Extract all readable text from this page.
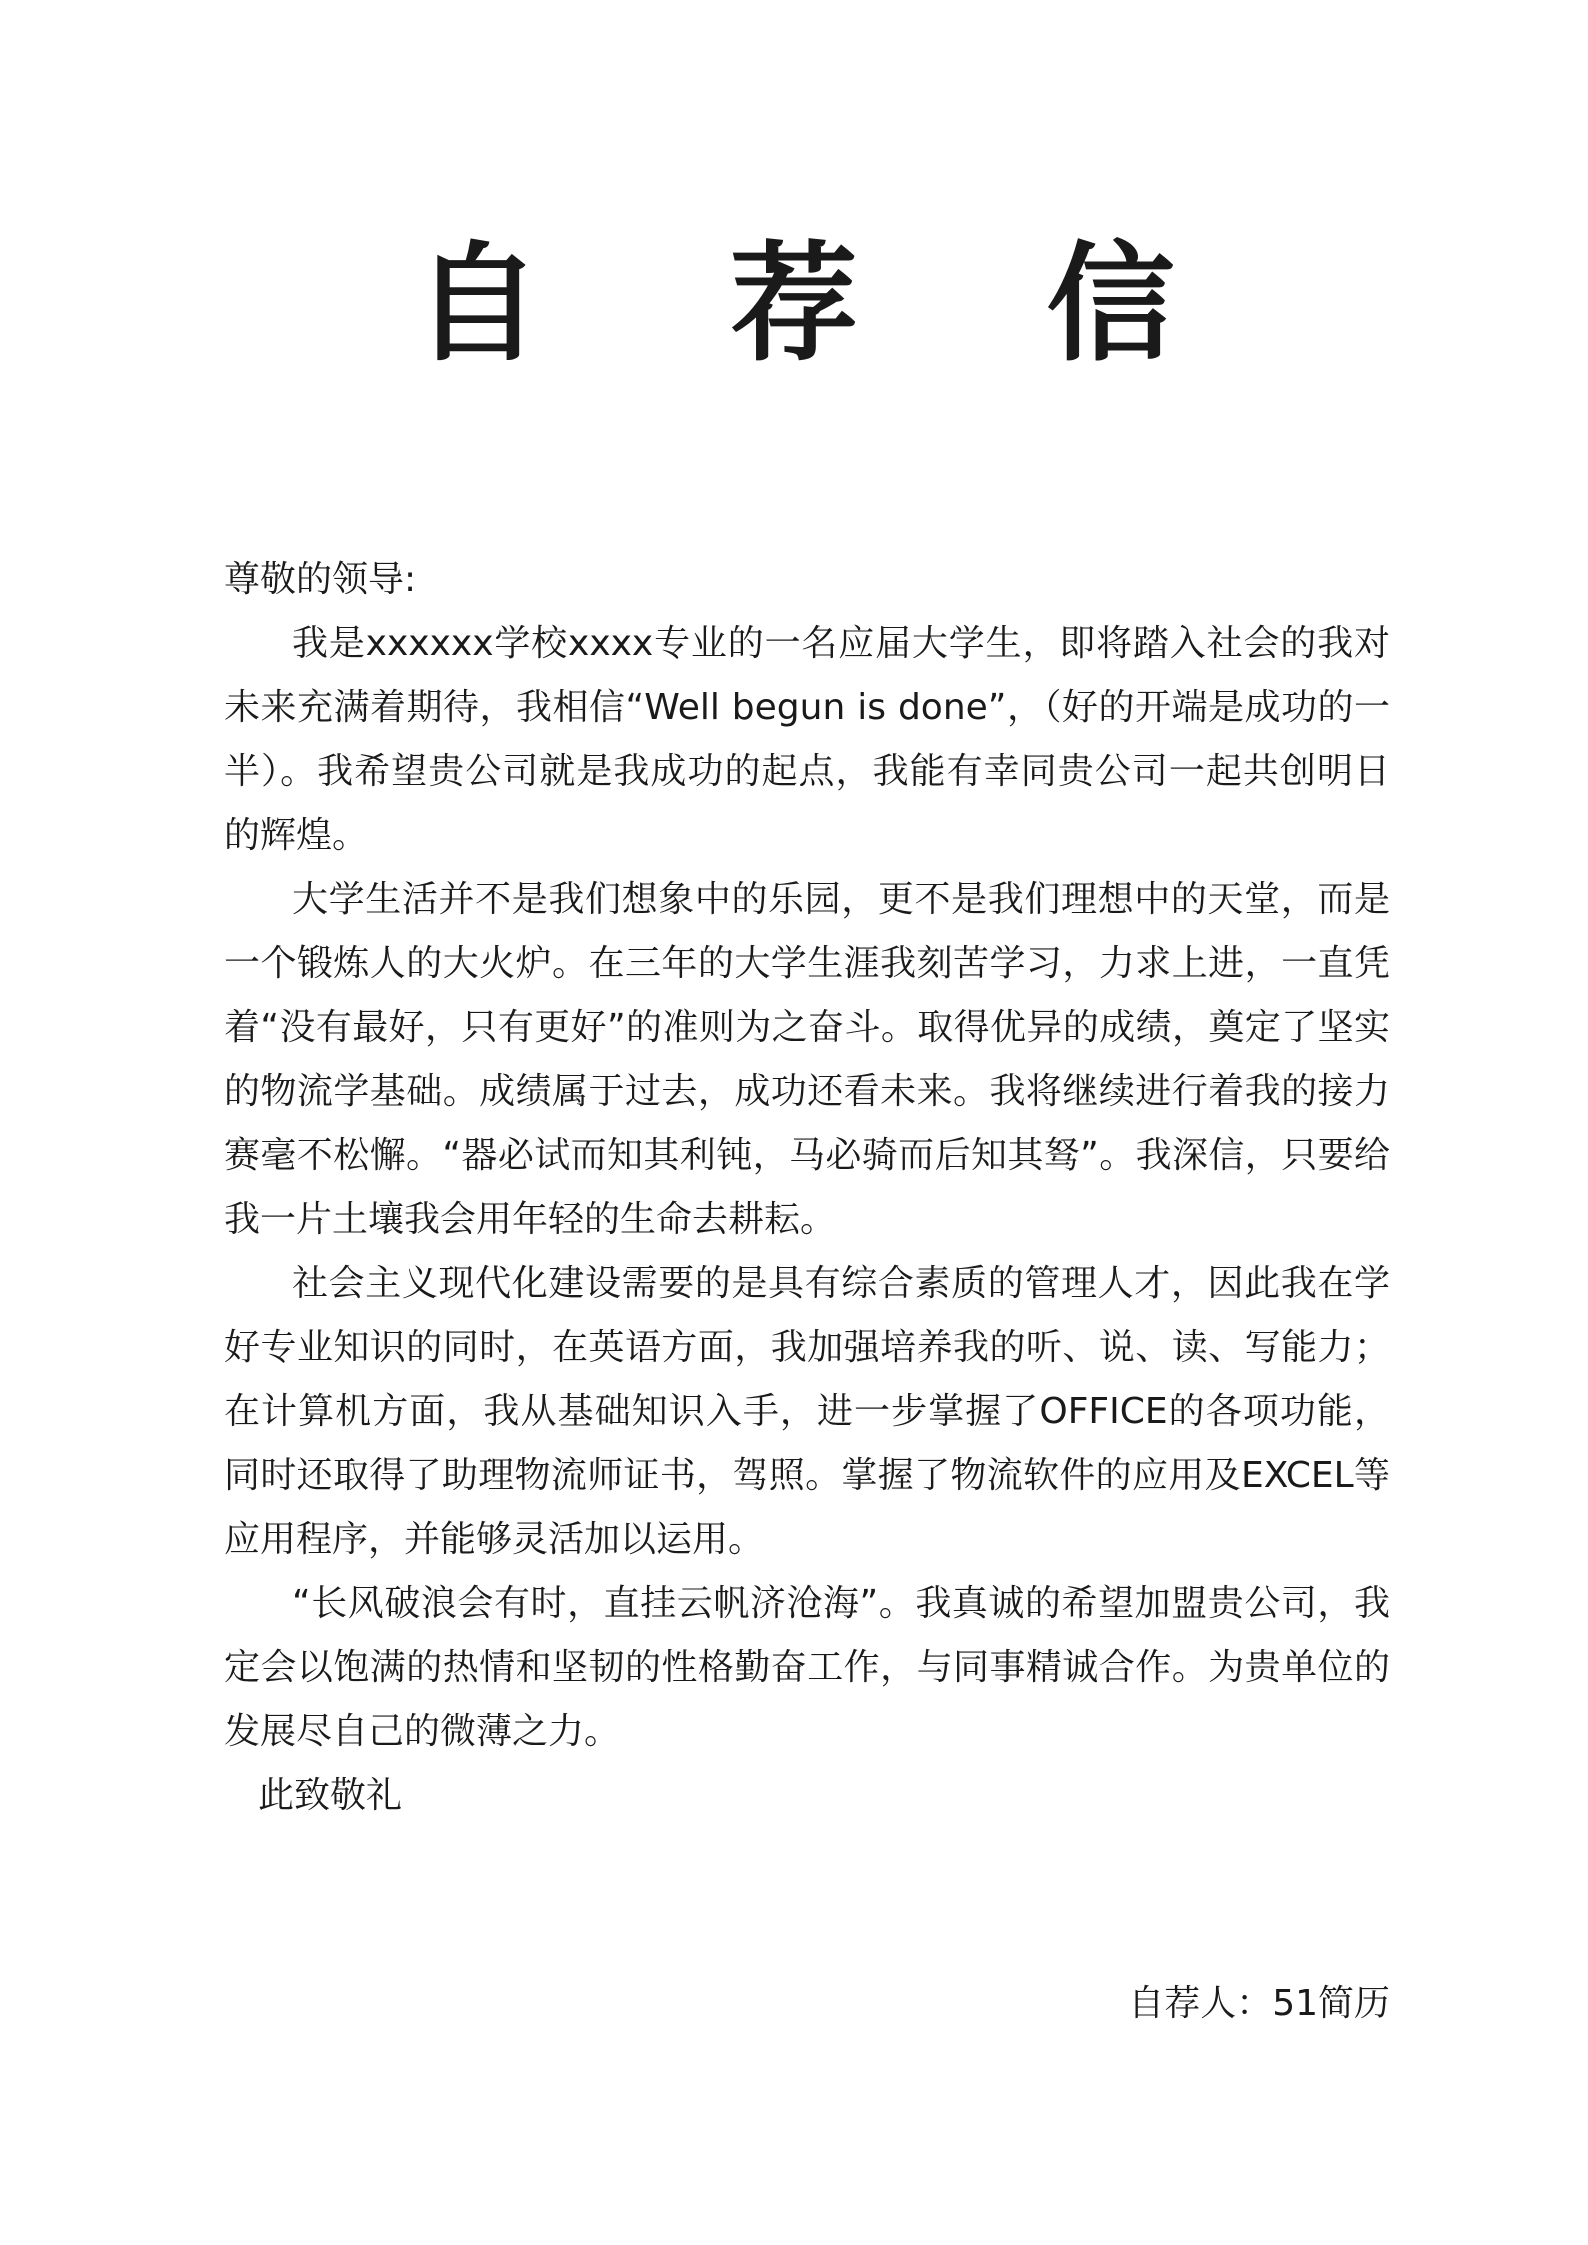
自 荐 信

尊敬的领导:

我是xxxxxx学校xxxx专业的一名应届大学生，即将踏入社会的我对未来充满着期待，我相信“Well begun is done”，（好的开端是成功的一半）。我希望贵公司就是我成功的起点，我能有幸同贵公司一起共创明日的辉煌。

大学生活并不是我们想象中的乐园，更不是我们理想中的天堂，而是一个锻炼人的大火炉。在三年的大学生涯我刻苦学习，力求上进，一直凭着“没有最好，只有更好”的准则为之奋斗。取得优异的成绩，奠定了坚实的物流学基础。成绩属于过去，成功还看未来。我将继续进行着我的接力赛毫不松懈。“器必试而知其利钝，马必骑而后知其驽”。我深信，只要给我一片土壤我会用年轻的生命去耕耘。

社会主义现代化建设需要的是具有综合素质的管理人才，因此我在学好专业知识的同时，在英语方面，我加强培养我的听、说、读、写能力；在计算机方面，我从基础知识入手，进一步掌握了OFFICE的各项功能，同时还取得了助理物流师证书，驾照。掌握了物流软件的应用及EXCEL等应用程序，并能够灵活加以运用。

“长风破浪会有时，直挂云帆济沧海”。我真诚的希望加盟贵公司，我定会以饱满的热情和坚韧的性格勤奋工作，与同事精诚合作。为贵单位的发展尽自己的微薄之力。

此致敬礼

自荐人：51简历
